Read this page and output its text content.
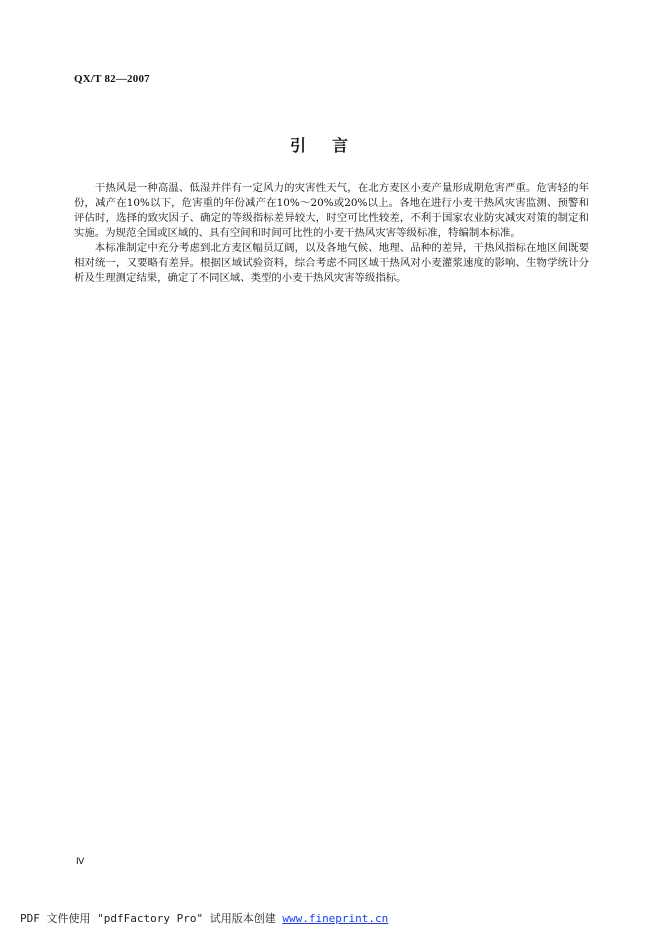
QX/T 82—2007
引言

干热风是一种高温、低湿并伴有一定风力的灾害性天气，在北方麦区小麦产量形成期危害严重。危害轻的年份，减产在10%以下，危害重的年份减产在10%～20%或20%以上。各地在进行小麦干热风灾害监测、预警和评估时，选择的致灾因子、确定的等级指标差异较大，时空可比性较差，不利于国家农业防灾减灾对策的制定和实施。为规范全国或区域的、具有空间和时间可比性的小麦干热风灾害等级标准，特编制本标准。

本标准制定中充分考虑到北方麦区幅员辽阔，以及各地气候、地理、品种的差异，干热风指标在地区间既要相对统一，又要略有差异。根据区域试验资料，综合考虑不同区域干热风对小麦灌浆速度的影响、生物学统计分析及生理测定结果，确定了不同区域、类型的小麦干热风灾害等级指标。

Ⅳ
PDF 文件使用 "pdfFactory Pro" 试用版本创建 www.fineprint.cn
